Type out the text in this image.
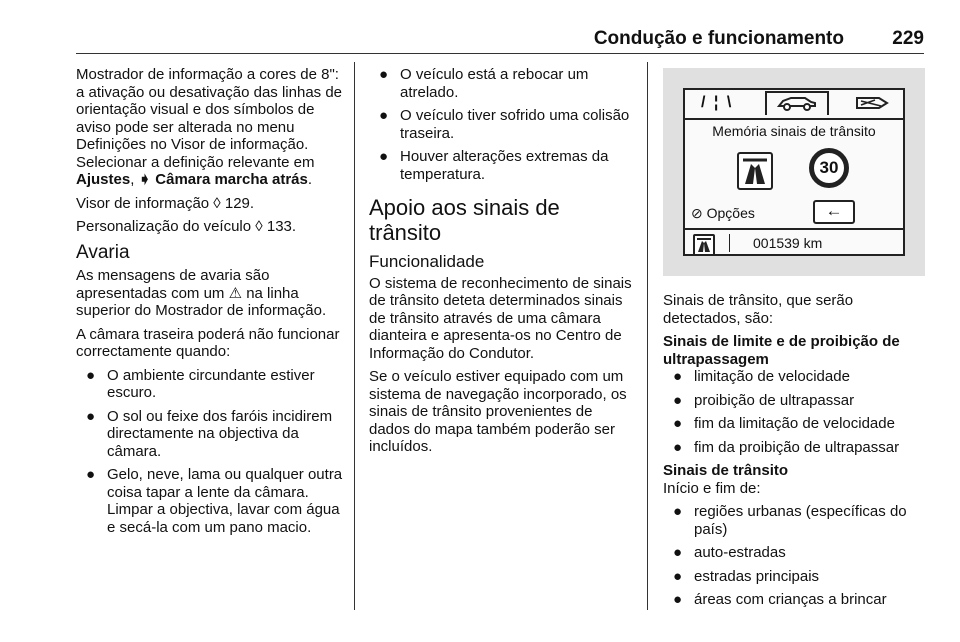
Condução e funcionamento	229

Mostrador de informação a cores de 8": a ativação ou desativação das linhas de orientação visual e dos símbolos de aviso pode ser alterada no menu Definições no Visor de informação. Selecionar a definição relevante em Ajustes, ➧ Câmara marcha atrás.

Visor de informação ◊ 129.

Personalização do veículo ◊ 133.

Avaria

As mensagens de avaria são apresentadas com um ⚠ na linha superior do Mostrador de informação.

A câmara traseira poderá não funcionar correctamente quando:

● O ambiente circundante estiver escuro.
● O sol ou feixe dos faróis incidirem directamente na objectiva da câmara.
● Gelo, neve, lama ou qualquer outra coisa tapar a lente da câmara. Limpar a objectiva, lavar com água e secá-la com um pano macio.
● O veículo está a rebocar um atrelado.
● O veículo tiver sofrido uma colisão traseira.
● Houver alterações extremas da temperatura.
Apoio aos sinais de trânsito
Funcionalidade

O sistema de reconhecimento de sinais de trânsito deteta determinados sinais de trânsito através de uma câmara dianteira e apresenta-os no Centro de Informação do Condutor.

Se o veículo estiver equipado com um sistema de navegação incorporado, os sinais de trânsito provenientes de dados do mapa também poderão ser incluídos.

/ ¦ \
Memória sinais de trânsito
30
⊘ Opções	←
001539 km

Sinais de trânsito, que serão detectados, são:

Sinais de limite e de proibição de ultrapassagem

● limitação de velocidade
● proibição de ultrapassar
● fim da limitação de velocidade
● fim da proibição de ultrapassar

Sinais de trânsito

Início e fim de:

● regiões urbanas (específicas do país)
● auto-estradas
● estradas principais
● áreas com crianças a brincar
